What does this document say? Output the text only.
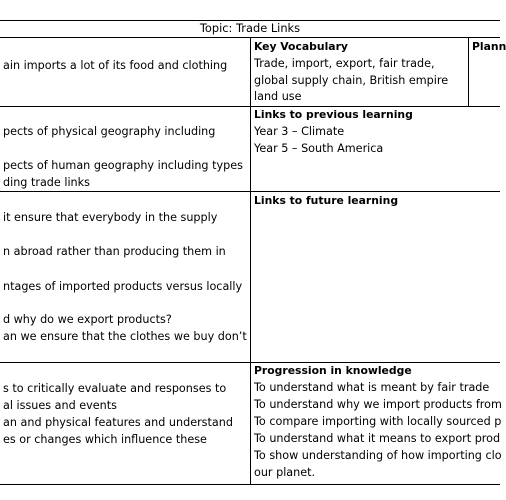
Topic: Trade Links
ain imports a lot of its food and clothing
pects of physical geography including
pects of human geography including types
ding trade links
it ensure that everybody in the supply
n abroad rather than producing them in
ntages of imported products versus locally
d why do we export products?
an we ensure that the clothes we buy don’t
s to critically evaluate and responses to
al issues and events
an and physical features and understand
es or changes which influence these
Key Vocabulary
Trade, import, export, fair trade, global supply chain, British empire land use
Plann
Links to previous learning
Year 3 – Climate
Year 5 – South America
Links to future learning
Progression in knowledge
To understand what is meant by fair trade
To understand why we import products from
To compare importing with locally sourced p
To understand what it means to export prod
To show understanding of how importing clo
our planet.
